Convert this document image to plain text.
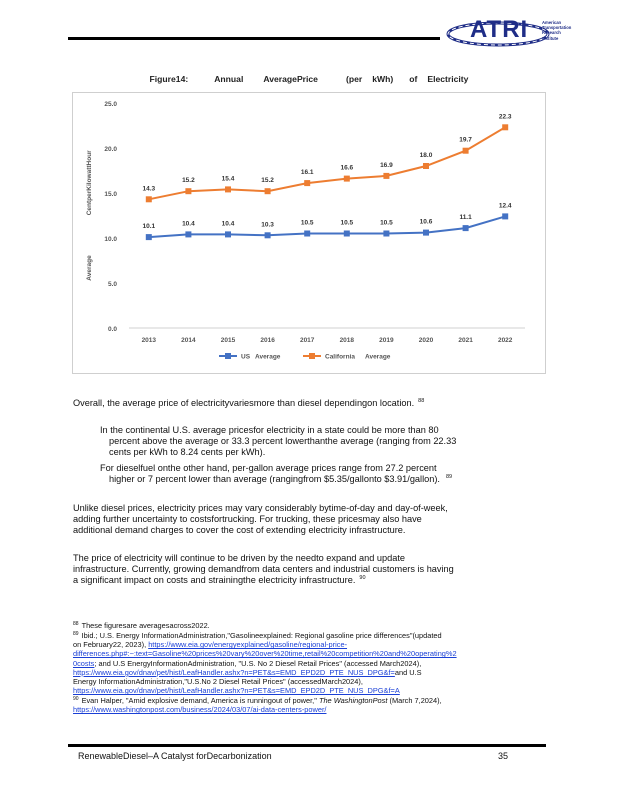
ATRI	American
Transportation
Research
Institute
Figure14:	Annual AveragePrice	(per kWh) of Electricity
0.0
5.0
10.0
15.0
20.0
25.0
2013	2014	2015	2016	2017	2018	2019	2020	2021	2022
AverageCentperKilowattHour	14.3
15.2	15.4	15.2
16.1
16.6	16.9
18.0
19.7
22.3
10.1	10.4	10.4	10.3	10.5	10.5	10.5	10.6
11.1
12.4
US Average	California Average
Overall, the average price of electricityvariesmore than diesel dependingon location. $^{88}$
In the continental U.S. average pricesfor electricity in a state could be more than 80
percent above the average or 33.3 percent lowerthanthe average (ranging from 22.33
cents per kWh to 8.24 cents per kWh).
For dieselfuel onthe other hand, per-gallon average prices range from 27.2 percent
higher or 7 percent lower than average (rangingfrom $5.35/gallonto $3.91/gallon). $^{89}$
Unlike diesel prices, electricity prices may vary considerably bytime-of-day and day-of-week,
adding further uncertainty to costsfortrucking. For trucking, these pricesmay also have
additional demand charges to cover the cost of extending electricity infrastructure.
The price of electricity will continue to be driven by the needto expand and update
infrastructure. Currently, growing demandfrom data centers and industrial customers is having
a significant impact on costs and strainingthe electricity infrastructure. $^{90}$
$^{88}$ These figuresare averagesacross2022.
$^{89}$ Ibid.; U.S. Energy InformationAdministration,"Gasolineexplained: Regional gasoline price differences"(updated
on February22, 2023), https://www.eia.gov/energyexplained/gasoline/regional-price-
differences.php#:~:text=Gasoline%20prices%20vary%20over%20time,retail%20competition%20and%20operating%2
0costs; and U.S EnergyInformationAdministration, "U.S. No 2 Diesel Retail Prices" (accessed March2024),
https://www.eia.gov/dnav/pet/hist/LeafHandler.ashx?n=PET&s=EMD_EPD2D_PTE_NUS_DPG&f=and U.S
Energy InformationAdministration,"U.S.No 2 Diesel Retail Prices" (accessedMarch2024),
https://www.eia.gov/dnav/pet/hist/LeafHandler.ashx?n=PET&s=EMD_EPD2D_PTE_NUS_DPG&f=A
$^{90}$ Evan Halper, "Amid explosive demand, America is runningout of power," The WashingtonPost (March 7,2024),
https://www.washingtonpost.com/business/2024/03/07/ai-data-centers-power/
RenewableDiesel–A Catalyst forDecarbonization	35
